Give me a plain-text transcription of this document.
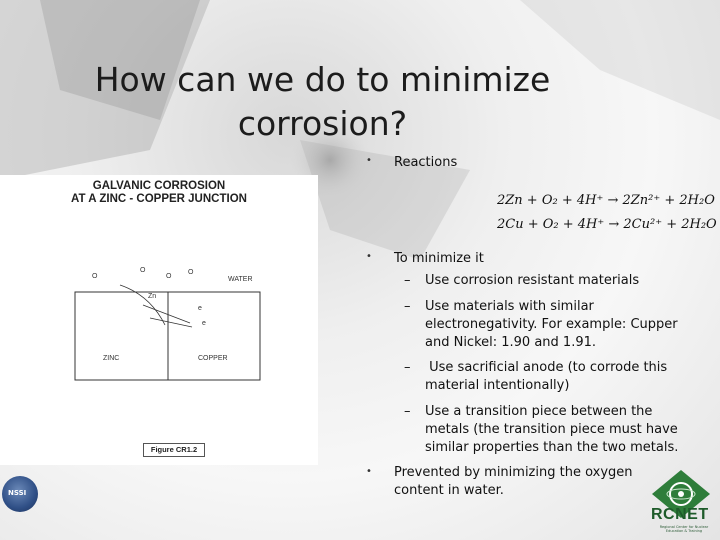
How can we do to minimize corrosion?
GALVANIC CORROSION
AT A ZINC - COPPER JUNCTION
O
O
O
O
WATER
Zn
e
e
ZINC	COPPER
Figure CR1.2
• Reactions
2Zn + O₂ + 4H⁺ → 2Zn²⁺ + 2H₂O
2Cu + O₂ + 4H⁺ → 2Cu²⁺ + 2H₂O
• To minimize it
– Use corrosion resistant materials
– Use materials with similar
electronegativity. For example: Cupper
and Nickel: 1.90 and 1.91.
– Use sacrificial anode (to corrode this
material intentionally)
– Use a transition piece between the
metals (the transition piece must have
similar properties than the two metals.
• Prevented by minimizing the oxygen
content in water.
NSSI
RCNET
Regional Center for Nuclear Education & Training
